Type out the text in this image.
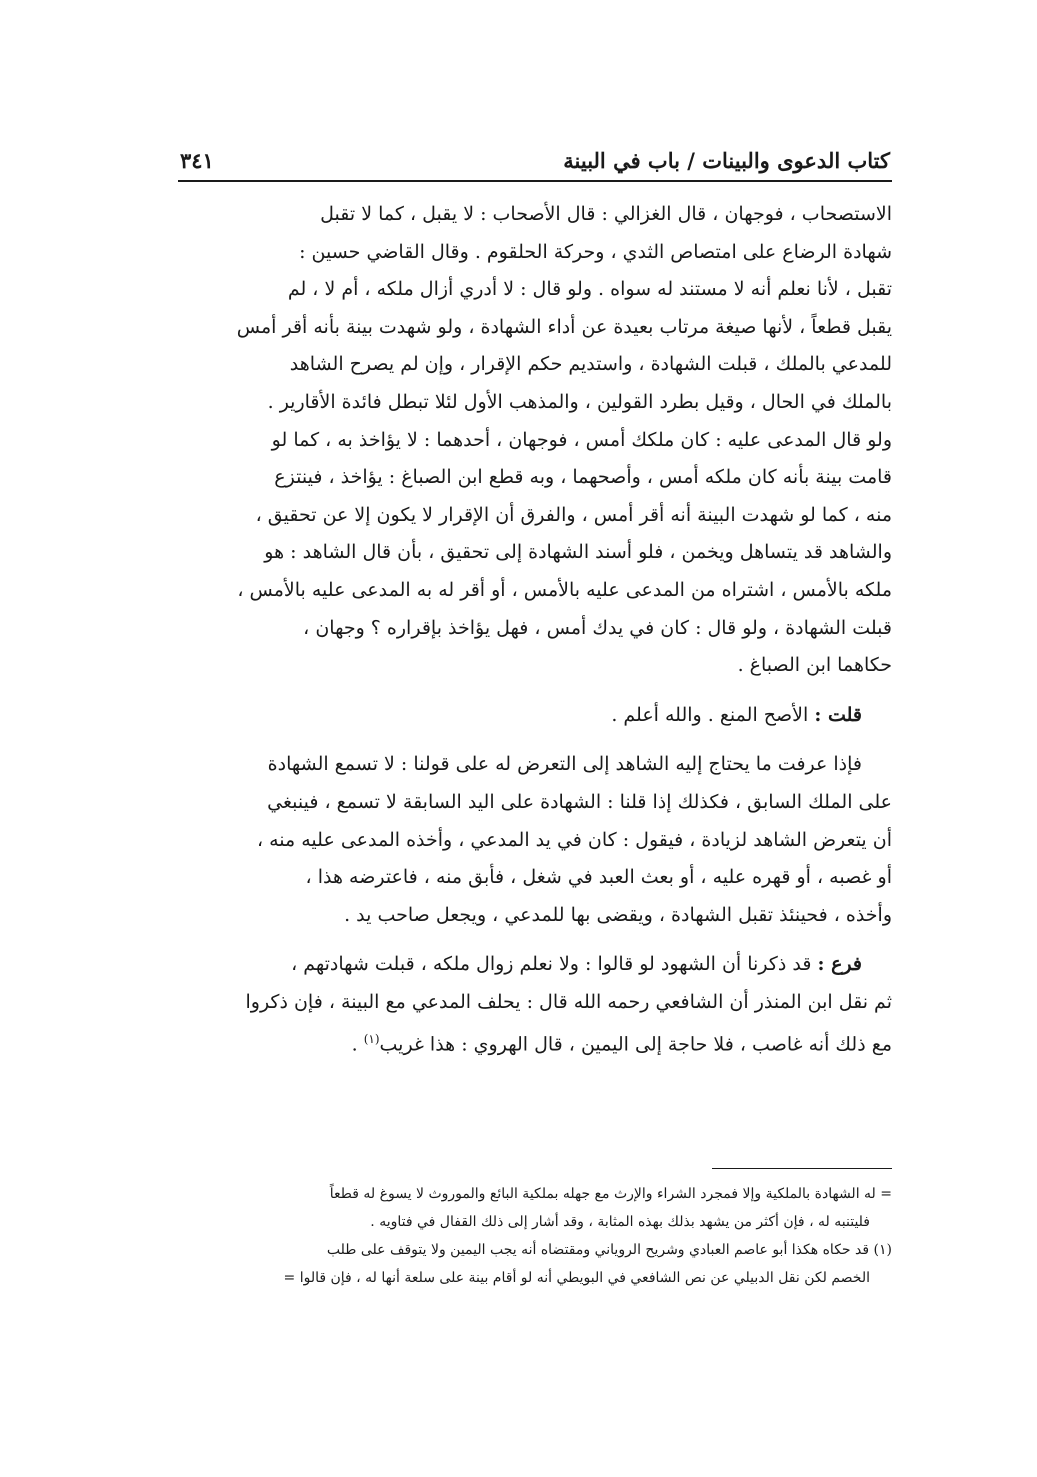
كتاب الدعوى والبينات / باب في البينة
٣٤١

الاستصحاب ، فوجهان ، قال الغزالي : قال الأصحاب : لا يقبل ، كما لا تقبل
شهادة الرضاع على امتصاص الثدي ، وحركة الحلقوم . وقال القاضي حسين :
تقبل ، لأنا نعلم أنه لا مستند له سواه . ولو قال : لا أدري أزال ملكه ، أم لا ، لم
يقبل قطعاً ، لأنها صيغة مرتاب بعيدة عن أداء الشهادة ، ولو شهدت بينة بأنه أقر أمس
للمدعي بالملك ، قبلت الشهادة ، واستديم حكم الإقرار ، وإن لم يصرح الشاهد
بالملك في الحال ، وقيل بطرد القولين ، والمذهب الأول لئلا تبطل فائدة الأقارير .
ولو قال المدعى عليه : كان ملكك أمس ، فوجهان ، أحدهما : لا يؤاخذ به ، كما لو
قامت بينة بأنه كان ملكه أمس ، وأصحهما ، وبه قطع ابن الصباغ : يؤاخذ ، فينتزع
منه ، كما لو شهدت البينة أنه أقر أمس ، والفرق أن الإقرار لا يكون إلا عن تحقيق ،
والشاهد قد يتساهل ويخمن ، فلو أسند الشهادة إلى تحقيق ، بأن قال الشاهد : هو
ملكه بالأمس ، اشتراه من المدعى عليه بالأمس ، أو أقر له به المدعى عليه بالأمس ،
قبلت الشهادة ، ولو قال : كان في يدك أمس ، فهل يؤاخذ بإقراره ؟ وجهان ،
حكاهما ابن الصباغ .

قلت : الأصح المنع . والله أعلم .

فإذا عرفت ما يحتاج إليه الشاهد إلى التعرض له على قولنا : لا تسمع الشهادة
على الملك السابق ، فكذلك إذا قلنا : الشهادة على اليد السابقة لا تسمع ، فينبغي
أن يتعرض الشاهد لزيادة ، فيقول : كان في يد المدعي ، وأخذه المدعى عليه منه ،
أو غصبه ، أو قهره عليه ، أو بعث العبد في شغل ، فأبق منه ، فاعترضه هذا ،
وأخذه ، فحينئذ تقبل الشهادة ، ويقضى بها للمدعي ، ويجعل صاحب يد .

فرع : قد ذكرنا أن الشهود لو قالوا : ولا نعلم زوال ملكه ، قبلت شهادتهم ،
ثم نقل ابن المنذر أن الشافعي رحمه الله قال : يحلف المدعي مع البينة ، فإن ذكروا
مع ذلك أنه غاصب ، فلا حاجة إلى اليمين ، قال الهروي : هذا غريب$^{(١)}$ .

= له الشهادة بالملكية وإلا فمجرد الشراء والإرث مع جهله بملكية البائع والموروث لا يسوغ له قطعاً
فليتنبه له ، فإن أكثر من يشهد بذلك بهذه المثابة ، وقد أشار إلى ذلك القفال في فتاويه .
(١) قد حكاه هكذا أبو عاصم العبادي وشريح الروياني ومقتضاه أنه يجب اليمين ولا يتوقف على طلب
الخصم لكن نقل الدبيلي عن نص الشافعي في البويطي أنه لو أقام بينة على سلعة أنها له ، فإن قالوا =
